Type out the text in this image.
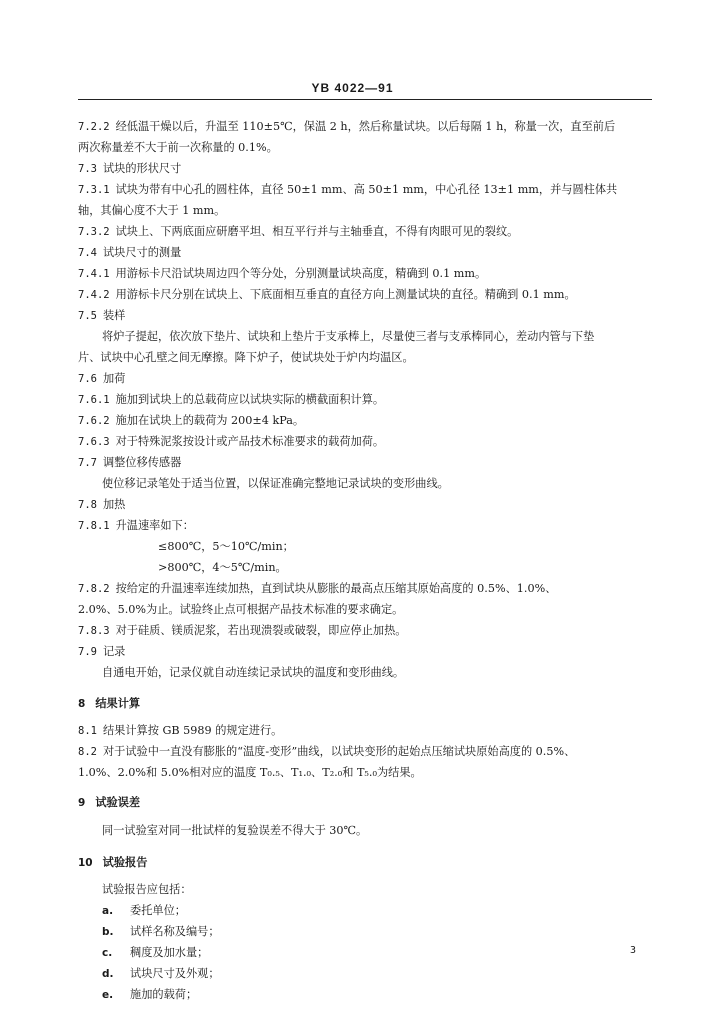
YB 4022—91
7.2.2 经低温干燥以后，升温至 110±5℃，保温 2 h，然后称量试块。以后每隔 1 h，称量一次，直至前后
两次称量差不大于前一次称量的 0.1%。
7.3 试块的形状尺寸
7.3.1 试块为带有中心孔的圆柱体，直径 50±1 mm、高 50±1 mm，中心孔径 13±1 mm，并与圆柱体共
轴，其偏心度不大于 1 mm。
7.3.2 试块上、下两底面应研磨平坦、相互平行并与主轴垂直，不得有肉眼可见的裂纹。
7.4 试块尺寸的测量
7.4.1 用游标卡尺沿试块周边四个等分处，分别测量试块高度，精确到 0.1 mm。
7.4.2 用游标卡尺分别在试块上、下底面相互垂直的直径方向上测量试块的直径。精确到 0.1 mm。
7.5 装样
将炉子提起，依次放下垫片、试块和上垫片于支承棒上，尽量使三者与支承棒同心，差动内管与下垫
片、试块中心孔壁之间无摩擦。降下炉子，使试块处于炉内均温区。
7.6 加荷
7.6.1 施加到试块上的总载荷应以试块实际的横截面积计算。
7.6.2 施加在试块上的载荷为 200±4 kPa。
7.6.3 对于特殊泥浆按设计或产品技术标准要求的载荷加荷。
7.7 调整位移传感器
使位移记录笔处于适当位置，以保证准确完整地记录试块的变形曲线。
7.8 加热
7.8.1 升温速率如下：
≤800℃，5～10℃/min；
>800℃，4～5℃/min。
7.8.2 按给定的升温速率连续加热，直到试块从膨胀的最高点压缩其原始高度的 0.5%、1.0%、
2.0%、5.0%为止。试验终止点可根据产品技术标准的要求确定。
7.8.3 对于硅质、镁质泥浆，若出现溃裂或破裂，即应停止加热。
7.9 记录
自通电开始，记录仪就自动连续记录试块的温度和变形曲线。
8 结果计算
8.1 结果计算按 GB 5989 的规定进行。
8.2 对于试验中一直没有膨胀的“温度-变形”曲线，以试块变形的起始点压缩试块原始高度的 0.5%、
1.0%、2.0%和 5.0%相对应的温度 T₀.₅、T₁.₀、T₂.₀和 T₅.₀为结果。
9 试验误差
同一试验室对同一批试样的复验误差不得大于 30℃。
10 试验报告
试验报告应包括：
a. 委托单位；
b. 试样名称及编号；
c. 稠度及加水量；
d. 试块尺寸及外观；
e. 施加的载荷；
3
